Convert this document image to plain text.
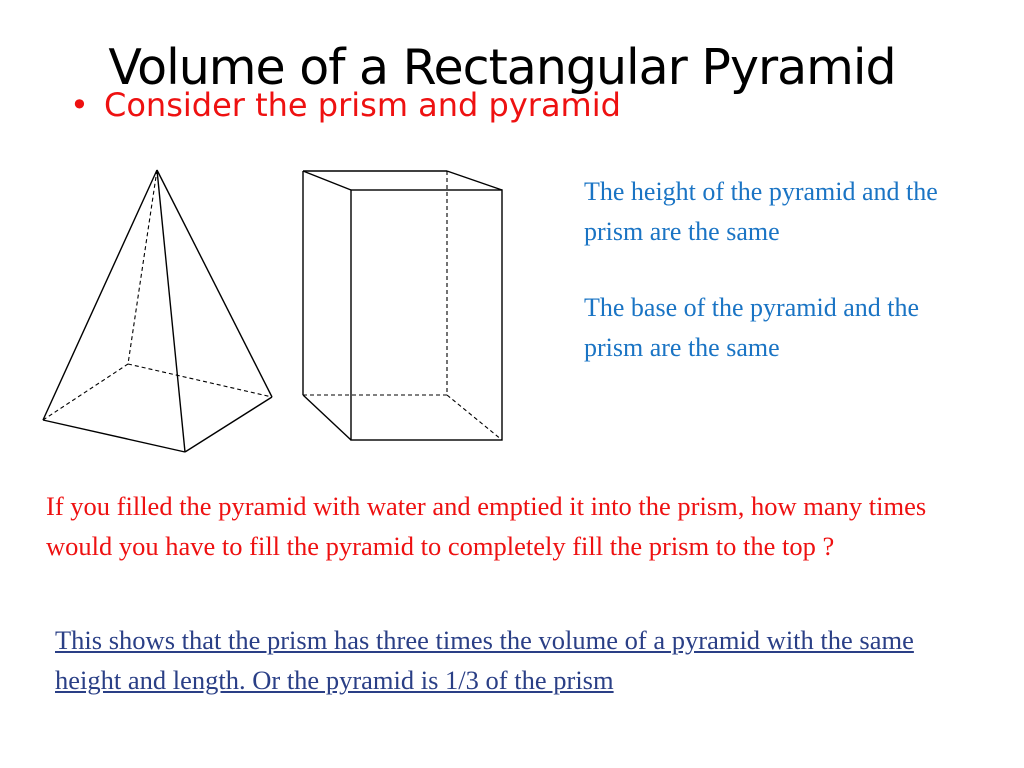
Volume of a Rectangular Pyramid
• Consider the prism and pyramid

The height of the pyramid and the prism are the same

The base of the pyramid and the prism are the same

If you filled the pyramid with water and emptied it into the prism, how many times would you have to fill the pyramid to completely fill the prism to the top ?

This shows that the prism has three times the volume of a pyramid with the same height and length. Or the pyramid is 1/3 of the prism
